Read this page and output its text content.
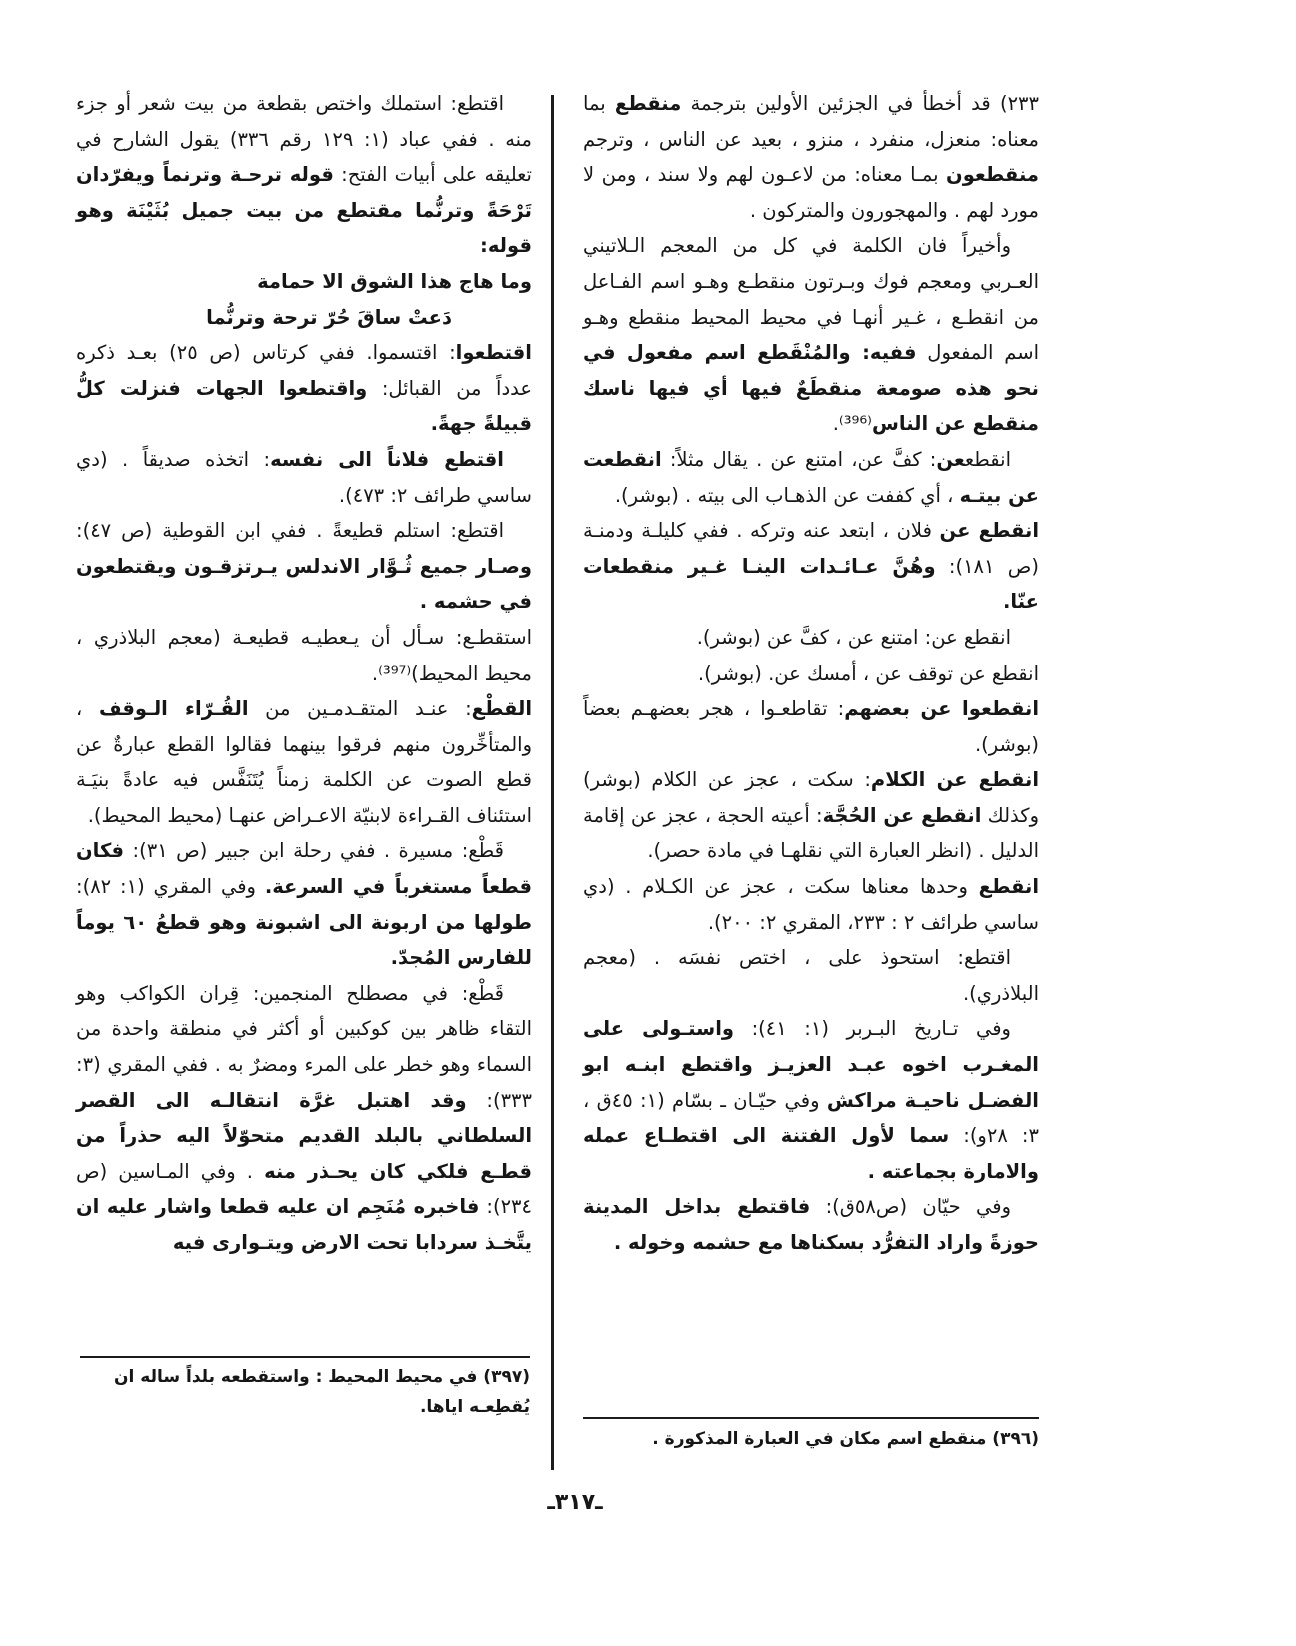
٢٣٣) قد أخطأ في الجزئين الأولين بترجمة منقطع بما معناه: منعزل، منفرد ، منزو ، بعيد عن الناس ، وترجم منقطعون بمـا معناه: من لاعـون لهم ولا سند ، ومن لا مورد لهم . والمهجورون والمتركون .

وأخيراً فان الكلمة في كل من المعجم الـلاتيني العـربي ومعجم فوك وبـرتون منقطـع وهـو اسم الفـاعل من انقطـع ، غـير أنهـا في محيط المحيط منقطع وهـو اسم المفعول ففيه: والمُنْقَطع اسم مفعول في نحو هذه صومعة منقطَعٌ فيها أي فيها ناسك منقطع عن الناس⁽³⁹⁶⁾.

انقطععن: كفَّ عن، امتنع عن . يقال مثلاً: انقطعت عن بيتـه ، أي كففت عن الذهـاب الى بيته . (بوشر).

انقطع عن فلان ، ابتعد عنه وتركه . ففي كليلـة ودمنـة (ص ١٨١): وهُنَّ عـائـدات الينـا غـير منقطعات عنّا.

انقطع عن: امتنع عن ، كفَّ عن (بوشر).

انقطع عن توقف عن ، أمسك عن. (بوشر).

انقطعوا عن بعضهم: تقاطعـوا ، هجر بعضهـم بعضاً (بوشر).

انقطع عن الكلام: سكت ، عجز عن الكلام (بوشر) وكذلك انقطع عن الحُجَّة: أعيته الحجة ، عجز عن إقامة الدليل . (انظر العبارة التي نقلهـا في مادة حصر).

انقطع وحدها معناها سكت ، عجز عن الكـلام . (دي ساسي طرائف ٢ : ٢٣٣، المقري ٢: ٢٠٠).

اقتطع: استحوذ على ، اختص نفسَه . (معجم البلاذري).

وفي تـاريخ البـربر (١: ٤١): واستـولى على المغـرب اخوه عبـد العزيـز واقتطع ابنـه ابو الفضـل ناحيـة مراكش وفي حيّـان ـ بسّام (١: ٤٥ق ، ٣: ٢٨و): سما لأول الفتنة الى اقتطـاع عمله والامارة بجماعته .

وفي حيّان (ص٥٨ق): فاقتطع بداخل المدينة حوزةً واراد التفرُّد بسكناها مع حشمه وخوله .

اقتطع: استملك واختص بقطعة من بيت شعر أو جزء منه . ففي عباد (١: ١٢٩ رقم ٣٣٦) يقول الشارح في تعليقه على أبيات الفتح: قوله ترحـة وترنماً ويفرّدان تَرْحَةً وترنُّما مقتطع من بيت جميل بُثَيْنَة وهو قوله:

وما هاج هذا الشوق الا حمامة

دَعتْ ساقَ حُرّ ترحة وترنُّما

اقتطعوا: اقتسموا. ففي كرتاس (ص ٢٥) بعـد ذكره عدداً من القبائل: واقتطعوا الجهات فنزلت كلُّ قبيلةً جهةً.

اقتطع فلاناً الى نفسه: اتخذه صديقاً . (دي ساسي طرائف ٢: ٤٧٣).

اقتطع: استلم قطيعةً . ففي ابن القوطية (ص ٤٧): وصـار جميع ثُـوَّار الاندلس يـرتزقـون ويقتطعون في حشمه .

استقطـع: سـأل أن يـعطيـه قطيعـة (معجم البلاذري ، محيط المحيط)⁽³⁹⁷⁾.

القطْع: عنـد المتقـدمـين من القُـرّاء الـوقف ، والمتأخِّرون منهم فرقوا بينهما فقالوا القطع عبارةٌ عن قطع الصوت عن الكلمة زمناً يُتَنَفَّس فيه عادةً بنيَـة استئناف القـراءة لابنيّة الاعـراض عنهـا (محيط المحيط).

قَطْع: مسيرة . ففي رحلة ابن جبير (ص ٣١): فكان قطعاً مستغرباً في السرعة. وفي المقري (١: ٨٢): طولها من اربونة الى اشبونة وهو قطعُ ٦٠ يوماً للفارس المُجدّ.

قَطْع: في مصطلح المنجمين: قِران الكواكب وهو التقاء ظاهر بين كوكبين أو أكثر في منطقة واحدة من السماء وهو خطر على المرء ومضرٌ به . ففي المقري (٣: ٣٣٣): وقد اهتبل غرَّة انتقالـه الى القصر السلطاني بالبلد القديم متحوّلاً اليه حذراً من قطـع فلكي كان يحـذر منه . وفي المـاسين (ص ٢٣٤): فاخبره مُنَجِم ان عليه قطعا واشار عليه ان يتَّخـذ سردابا تحت الارض ويتـوارى فيه

(٣٩٦) منقطع اسم مكان في العبارة المذكورة .
(٣٩٧) في محيط المحيط : واستقطعه بلداً ساله ان يُقطِعـه اياها.
ـ٣١٧ـ
